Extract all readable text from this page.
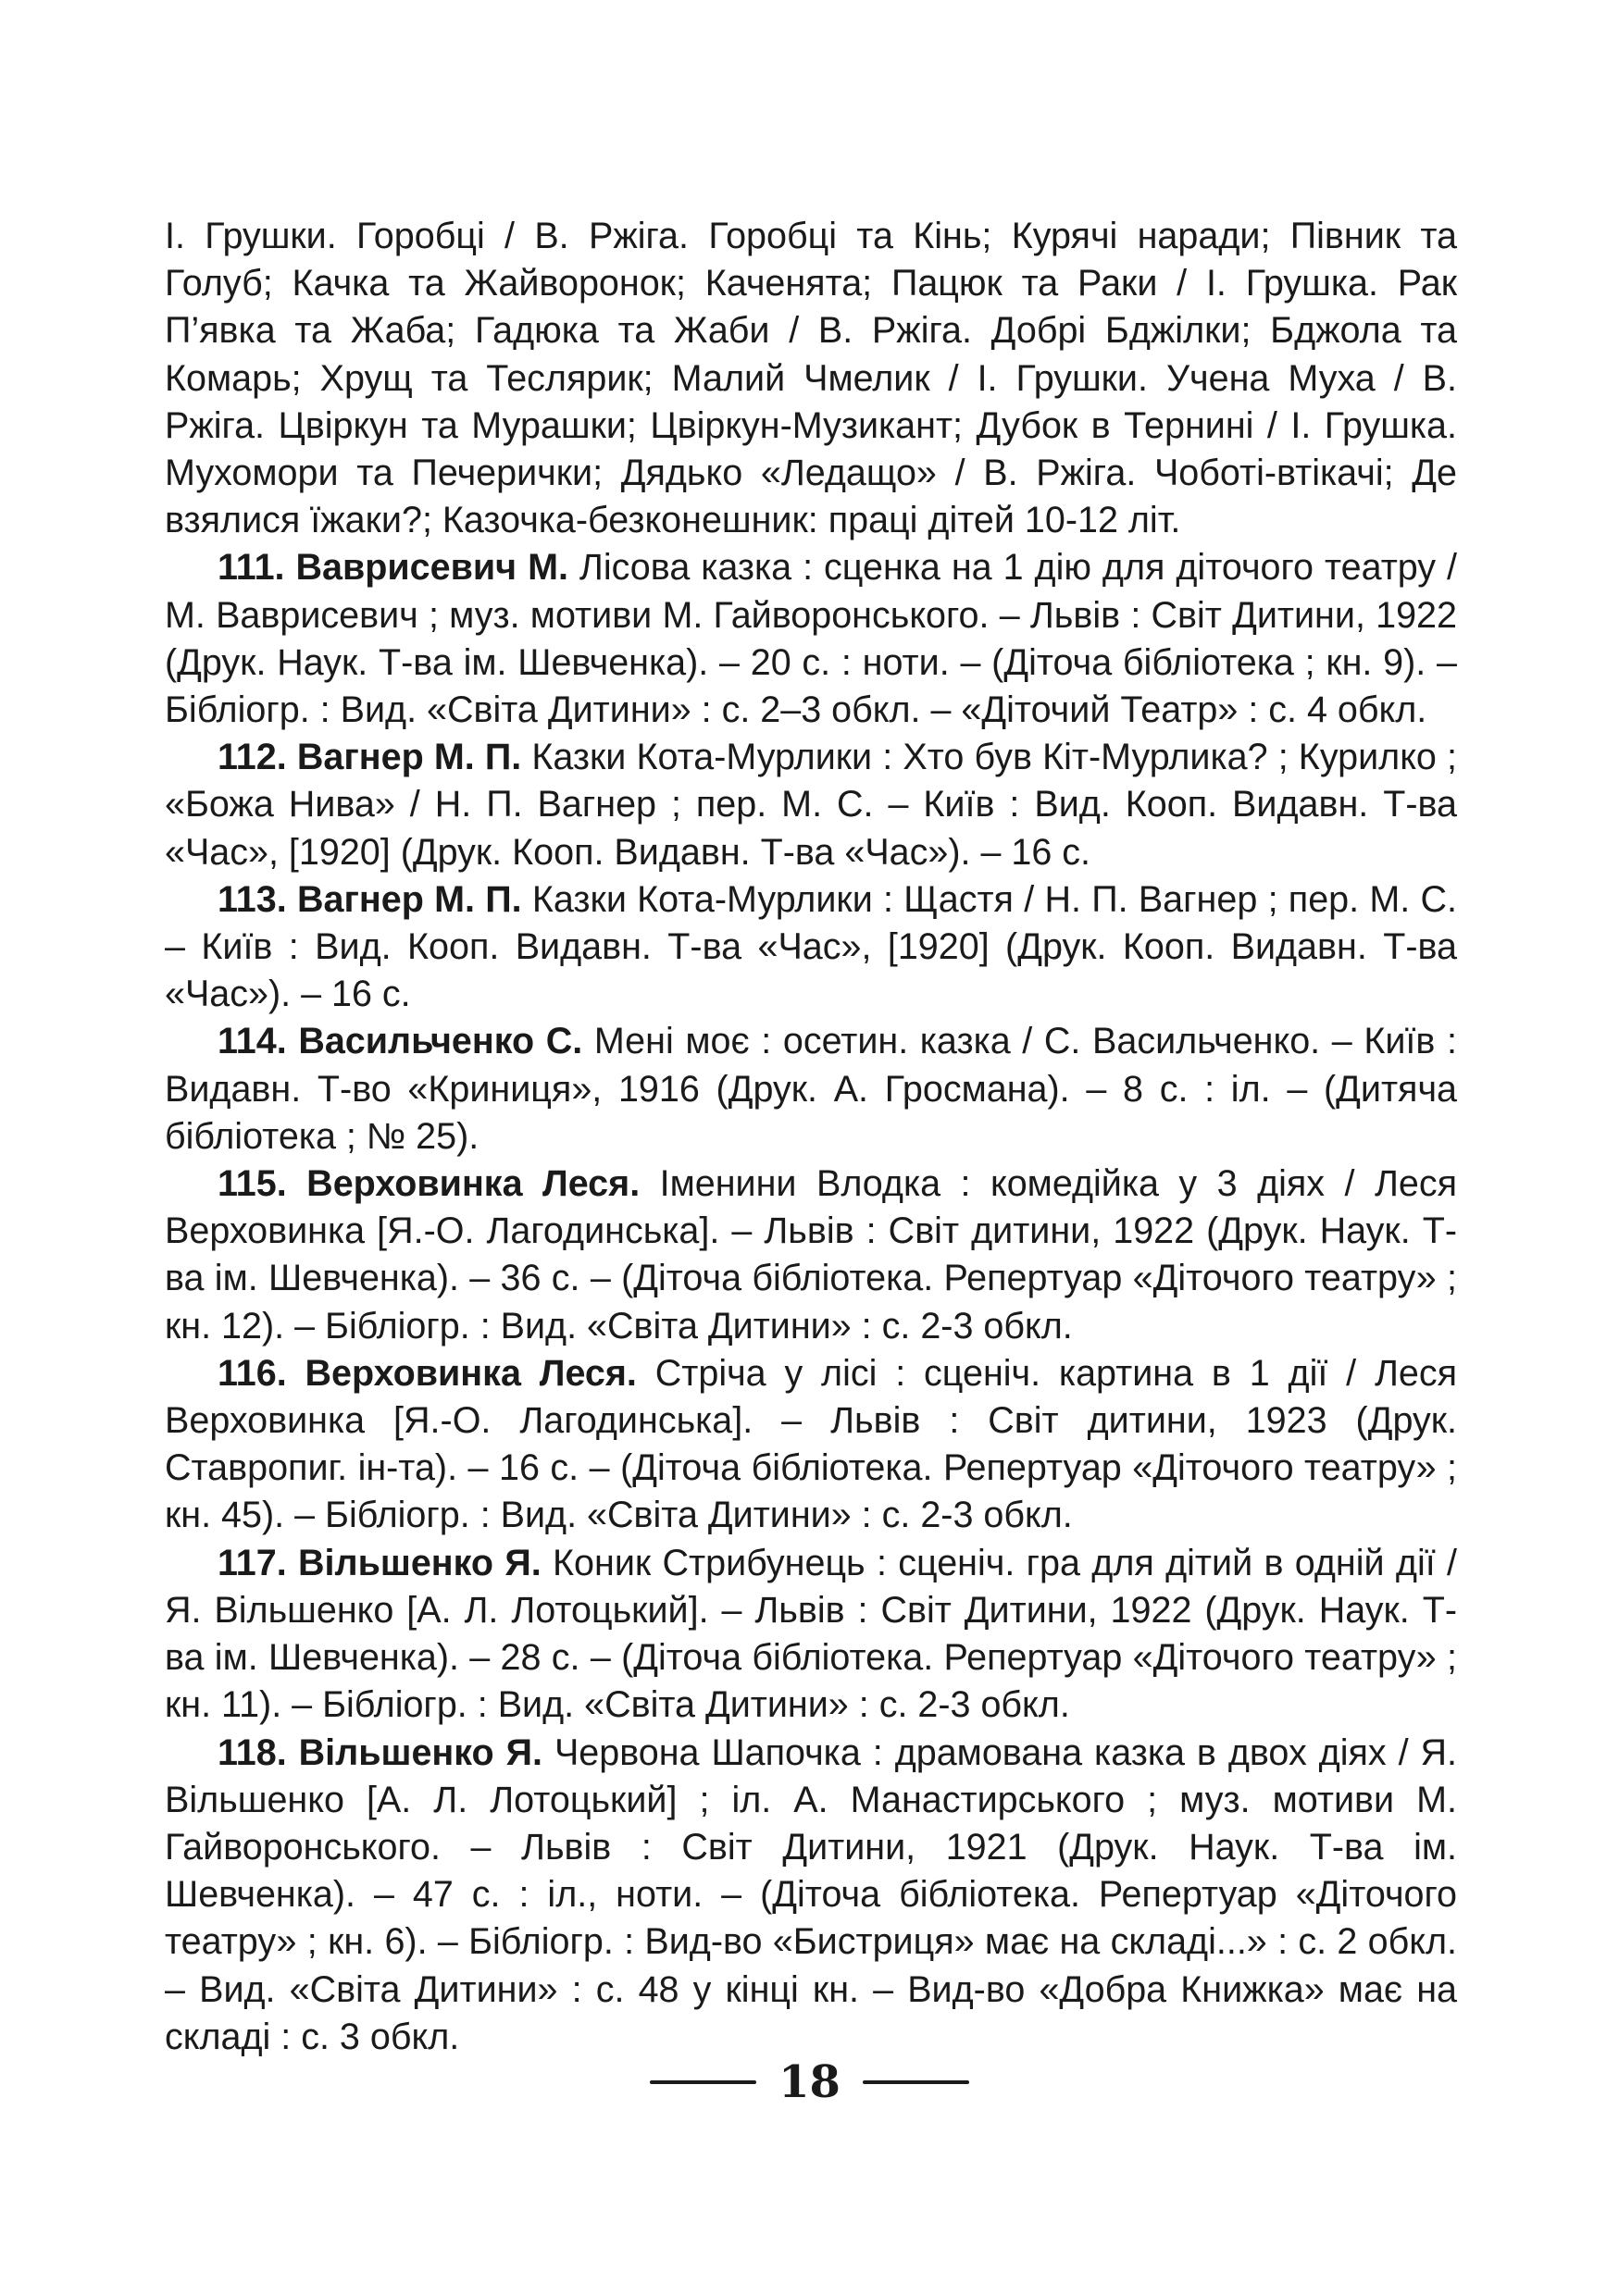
І. Грушки. Горобці / В. Ржіга. Горобці та Кінь; Курячі наради; Півник та Голуб; Качка та Жайворонок; Каченята; Пацюк та Раки / І. Грушка. Рак П’явка та Жаба; Гадюка та Жаби / В. Ржіга. Добрі Бджілки; Бджола та Комарь; Хрущ та Теслярик; Малий Чмелик / І. Грушки. Учена Муха / В. Ржіга. Цвіркун та Мурашки; Цвіркун-Музикант; Дубок в Тернині / І. Грушка. Мухомори та Печерички; Дядько «Ледащо» / В. Ржіга. Чоботі-втікачі; Де взялися їжаки?; Казочка-безконешник: праці дітей 10-12 літ.

111. Ваврисевич М. Лісова казка : сценка на 1 дію для діточого театру / М. Ваврисевич ; муз. мотиви М. Гайворонського. – Львів : Світ Дитини, 1922 (Друк. Наук. Т-ва ім. Шевченка). – 20 с. : ноти. – (Діточа бібліотека ; кн. 9). – Бібліогр. : Вид. «Світа Дитини» : с. 2–3 обкл. – «Діточий Театр» : с. 4 обкл.

112. Вагнер М. П. Казки Кота-Мурлики : Хто був Кіт-Мурлика? ; Курилко ; «Божа Нива» / Н. П. Вагнер ; пер. М. С. – Київ : Вид. Кооп. Видавн. Т-ва «Час», [1920] (Друк. Кооп. Видавн. Т-ва «Час»). – 16 с.

113. Вагнер М. П. Казки Кота-Мурлики : Щастя / Н. П. Вагнер ; пер. М. С. – Київ : Вид. Кооп. Видавн. Т-ва «Час», [1920] (Друк. Кооп. Видавн. Т-ва «Час»). – 16 с.

114. Васильченко С. Мені моє : осетин. казка / С. Васильченко. – Київ : Видавн. Т-во «Криниця», 1916 (Друк. А. Гросмана). – 8 с. : іл. – (Дитяча бібліотека ; № 25).

115. Верховинка Леся. Іменини Влодка : комедійка у 3 діях / Леся Верховинка [Я.-О. Лагодинська]. – Львів : Світ дитини, 1922 (Друк. Наук. Т-ва ім. Шевченка). – 36 с. – (Діточа бібліотека. Репертуар «Діточого театру» ; кн. 12). – Бібліогр. : Вид. «Світа Дитини» : с. 2-3 обкл.

116. Верховинка Леся. Стріча у лісі : сценіч. картина в 1 дії / Леся Верховинка [Я.-О. Лагодинська]. – Львів : Світ дитини, 1923 (Друк. Ставропиг. ін-та). – 16 с. – (Діточа бібліотека. Репертуар «Діточого театру» ; кн. 45). – Бібліогр. : Вид. «Світа Дитини» : с. 2-3 обкл.

117. Вільшенко Я. Коник Стрибунець : сценіч. гра для дітий в одній дії / Я. Вільшенко [А. Л. Лотоцький]. – Львів : Світ Дитини, 1922 (Друк. Наук. Т-ва ім. Шевченка). – 28 с. – (Діточа бібліотека. Репертуар «Діточого театру» ; кн. 11). – Бібліогр. : Вид. «Світа Дитини» : с. 2-3 обкл.

118. Вільшенко Я. Червона Шапочка : драмована казка в двох діях / Я. Вільшенко [А. Л. Лотоцький] ; іл. А. Манастирського ; муз. мотиви М. Гайворонського. – Львів : Світ Дитини, 1921 (Друк. Наук. Т-ва ім. Шевченка). – 47 с. : іл., ноти. – (Діточа бібліотека. Репертуар «Діточого театру» ; кн. 6). – Бібліогр. : Вид-во «Бистриця» має на складі...» : с. 2 обкл. – Вид. «Світа Дитини» : с. 48 у кінці кн. – Вид-во «Добра Книжка» має на складі : с. 3 обкл.

18
